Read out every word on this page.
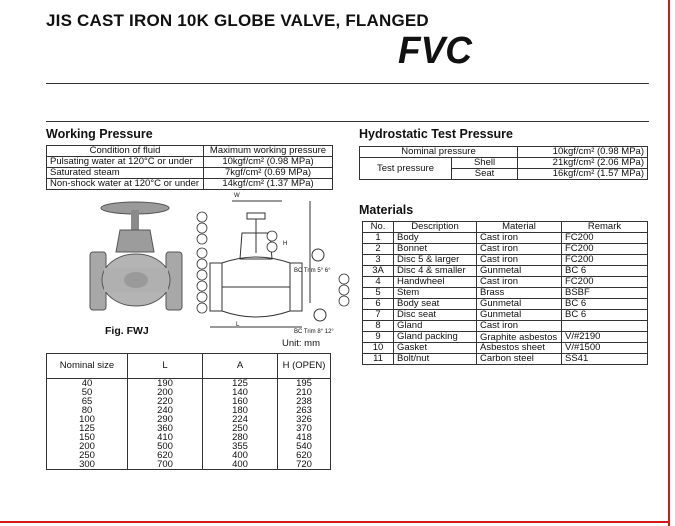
JIS CAST IRON 10K GLOBE VALVE, FLANGED
FVC
Working Pressure
Condition of fluid	Maximum working pressure
Pulsating water at 120°C or under	10kgf/cm² (0.98 MPa)
Saturated steam	7kgf/cm² (0.69 MPa)
Non-shock water at 120°C or under	14kgf/cm² (1.37 MPa)
Hydrostatic Test Pressure
Nominal pressure		10kgf/cm² (0.98 MPa)
Test pressure	Shell	21kgf/cm² (2.06 MPa)
	Seat	16kgf/cm² (1.57 MPa)
Materials
No.	Description	Material	Remark
1	Body	Cast iron	FC200
2	Bonnet	Cast iron	FC200
3	Disc 5 & larger	Cast iron	FC200
3A	Disc 4 & smaller	Gunmetal	BC 6
4	Handwheel	Cast iron	FC200
5	Stem	Brass	BSBF
6	Body seat	Gunmetal	BC 6
7	Disc seat	Gunmetal	BC 6
8	Gland	Cast iron	
9	Gland packing	Graphite asbestos	V/#2190
10	Gasket	Asbestos sheet	V/#1500
11	Bolt/nut	Carbon steel	SS41
BC Trim 5° 6°
BC Trim 8° 12°
W
H
L
Fig. FWJ
Unit: mm
Nominal size	L	A	H (OPEN)
40	190	125	195
50	200	140	210
65	220	160	238
80	240	180	263
100	290	224	326
125	360	250	370
150	410	280	418
200	500	355	540
250	620	400	620
300	700	400	720
